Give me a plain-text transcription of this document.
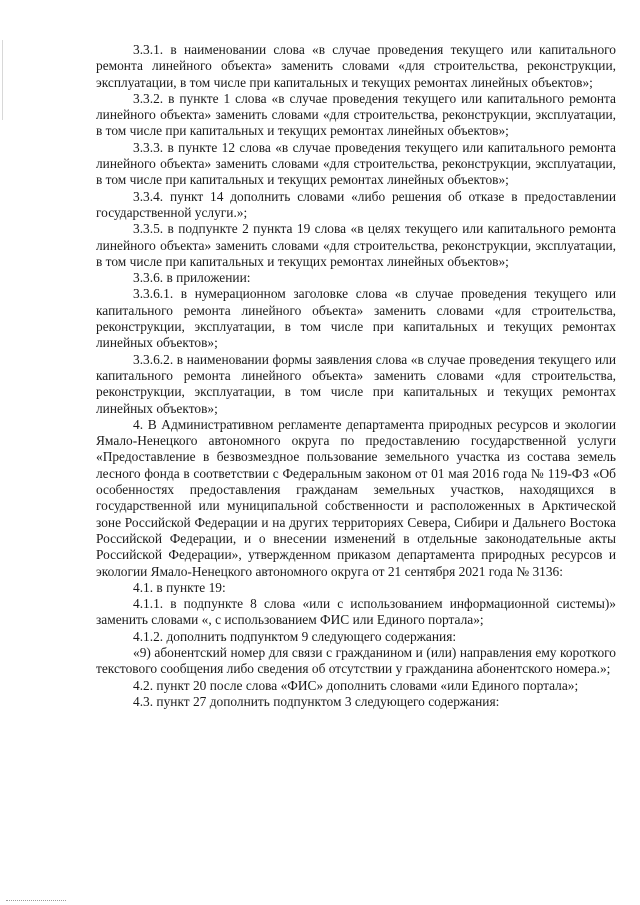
3.3.1. в наименовании слова «в случае проведения текущего или капитального ремонта линейного объекта» заменить словами «для строительства, реконструкции, эксплуатации, в том числе при капитальных и текущих ремонтах линейных объектов»;

3.3.2. в пункте 1 слова «в случае проведения текущего или капитального ремонта линейного объекта» заменить словами «для строительства, реконструкции, эксплуатации, в том числе при капитальных и текущих ремонтах линейных объектов»;

3.3.3. в пункте 12 слова «в случае проведения текущего или капитального ремонта линейного объекта» заменить словами «для строительства, реконструкции, эксплуатации, в том числе при капитальных и текущих ремонтах линейных объектов»;

3.3.4. пункт 14 дополнить словами «либо решения об отказе в предоставлении государственной услуги.»;

3.3.5. в подпункте 2 пункта 19 слова «в целях текущего или капитального ремонта линейного объекта» заменить словами «для строительства, реконструкции, эксплуатации, в том числе при капитальных и текущих ремонтах линейных объектов»;

3.3.6. в приложении:

3.3.6.1. в нумерационном заголовке слова «в случае проведения текущего или капитального ремонта линейного объекта» заменить словами «для строительства, реконструкции, эксплуатации, в том числе при капитальных и текущих ремонтах линейных объектов»;

3.3.6.2. в наименовании формы заявления слова «в случае проведения текущего или капитального ремонта линейного объекта» заменить словами «для строительства, реконструкции, эксплуатации, в том числе при капитальных и текущих ремонтах линейных объектов»;

4. В Административном регламенте департамента природных ресурсов и экологии Ямало-Ненецкого автономного округа по предоставлению государственной услуги «Предоставление в безвозмездное пользование земельного участка из состава земель лесного фонда в соответствии с Федеральным законом от 01 мая 2016 года № 119-ФЗ «Об особенностях предоставления гражданам земельных участков, находящихся в государственной или муниципальной собственности и расположенных в Арктической зоне Российской Федерации и на других территориях Севера, Сибири и Дальнего Востока Российской Федерации, и о внесении изменений в отдельные законодательные акты Российской Федерации», утвержденном приказом департамента природных ресурсов и экологии Ямало-Ненецкого автономного округа от 21 сентября 2021 года № 3136:

4.1. в пункте 19:

4.1.1. в подпункте 8 слова «или с использованием информационной системы)» заменить словами «, с использованием ФИС или Единого портала»;

4.1.2. дополнить подпунктом 9 следующего содержания:

«9) абонентский номер для связи с гражданином и (или) направления ему короткого текстового сообщения либо сведения об отсутствии у гражданина абонентского номера.»;

4.2. пункт 20 после слова «ФИС» дополнить словами «или Единого портала»;

4.3. пункт 27 дополнить подпунктом 3 следующего содержания:
